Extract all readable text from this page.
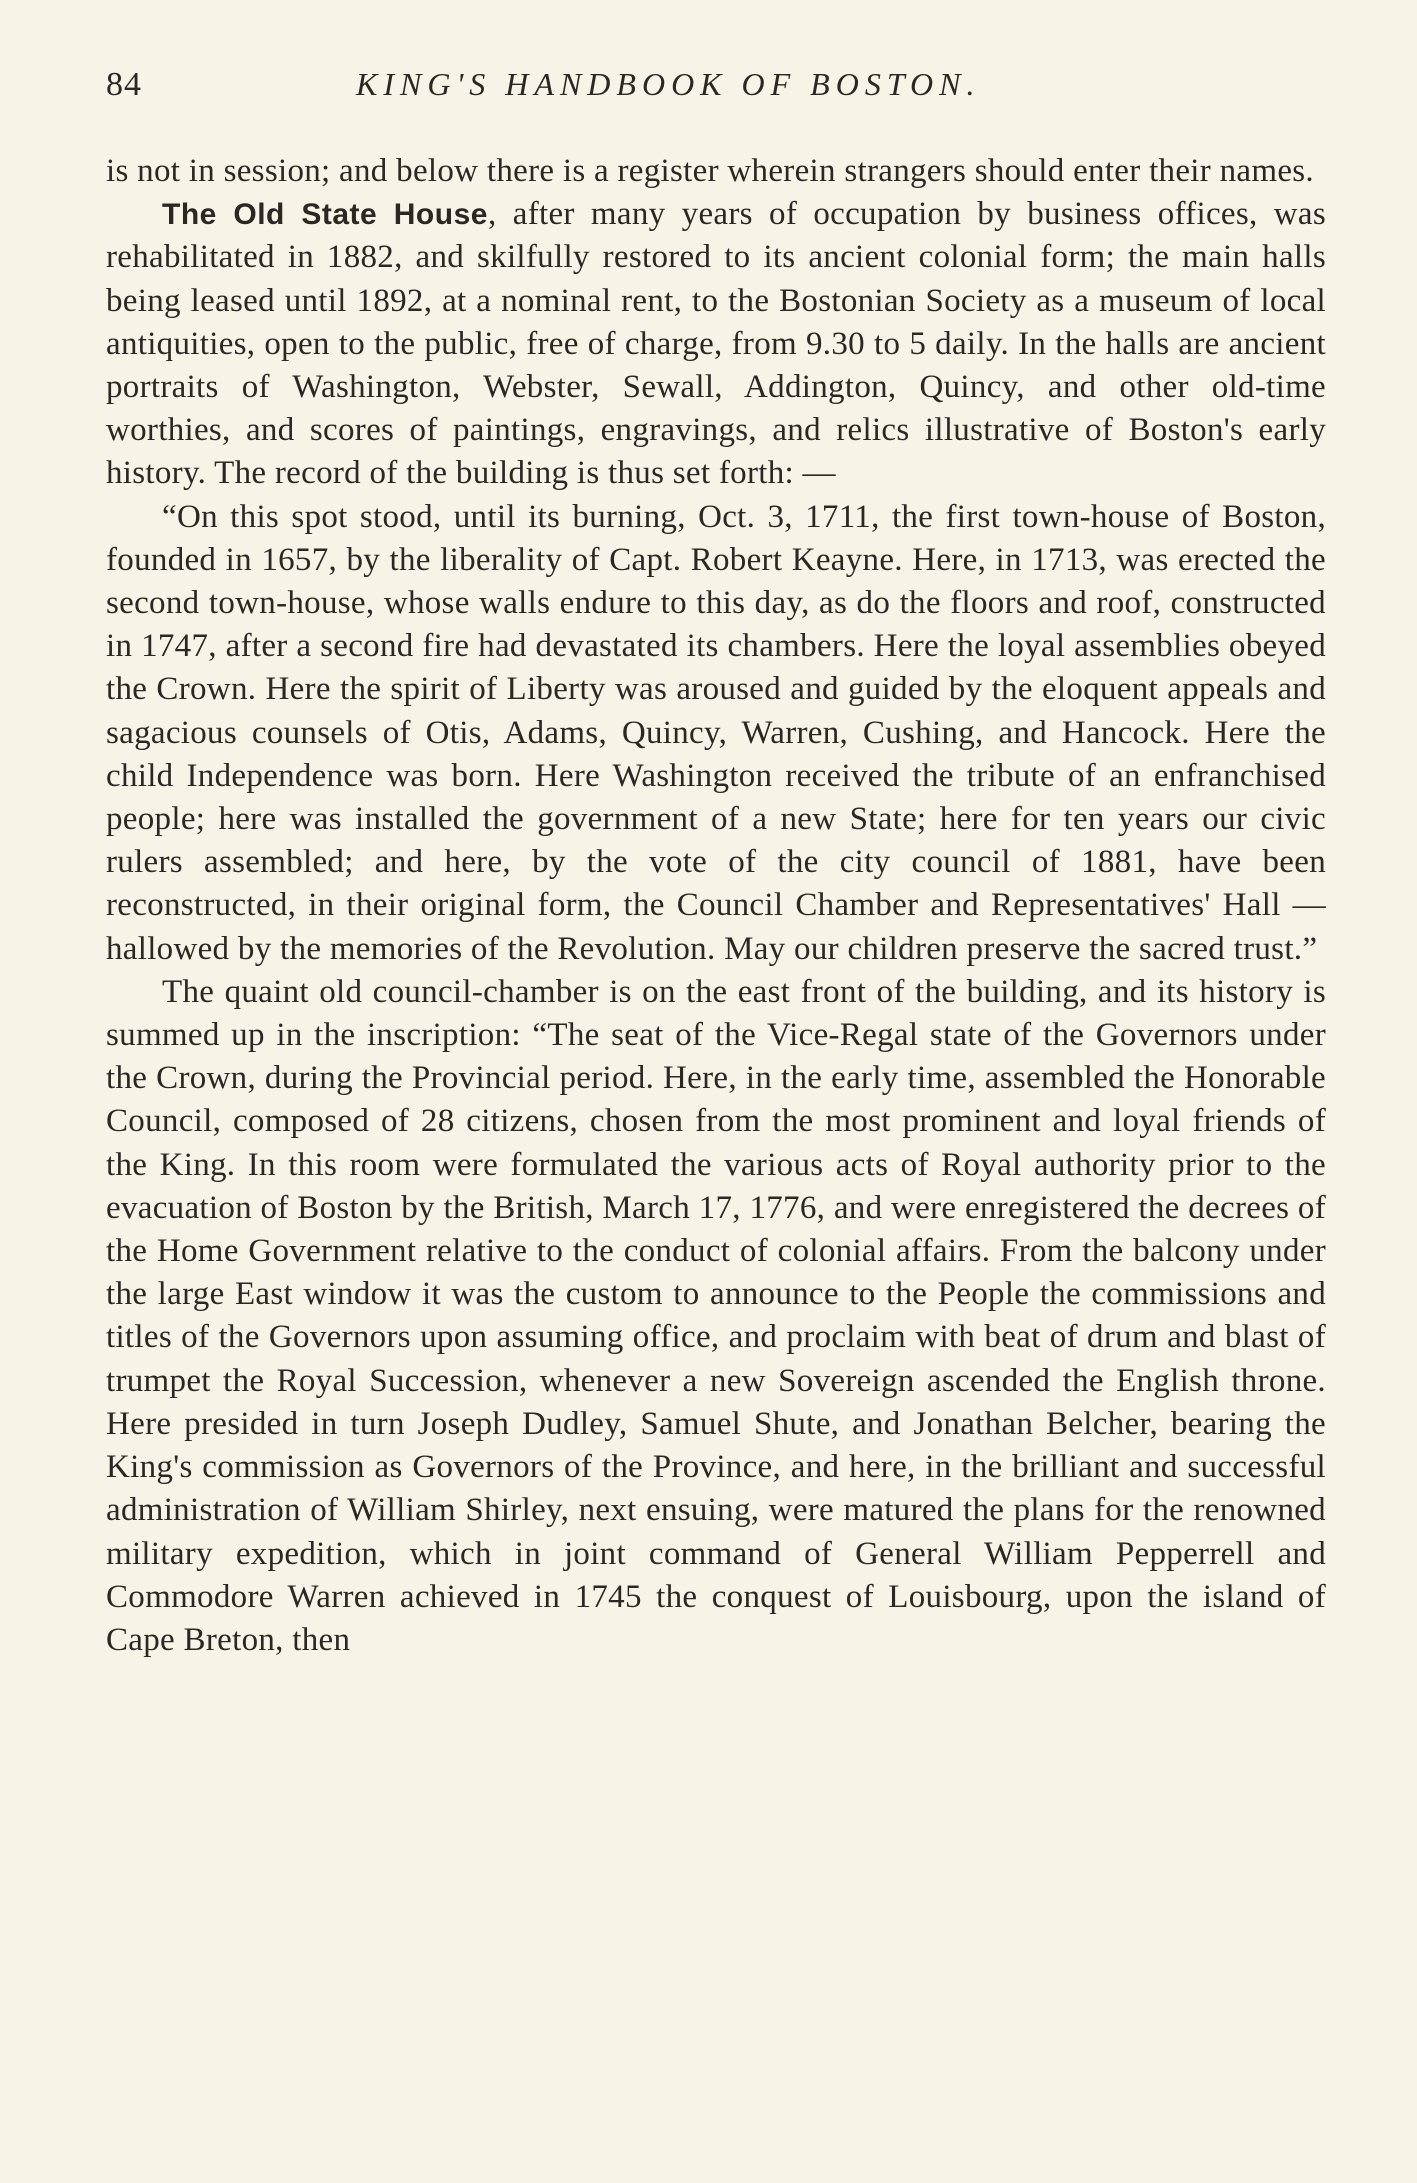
84	KING'S HANDBOOK OF BOSTON.

is not in session; and below there is a register wherein strangers should enter their names.

The Old State House, after many years of occupation by business offices, was rehabilitated in 1882, and skilfully restored to its ancient colonial form; the main halls being leased until 1892, at a nominal rent, to the Bostonian Society as a museum of local antiquities, open to the public, free of charge, from 9.30 to 5 daily. In the halls are ancient portraits of Washington, Webster, Sewall, Addington, Quincy, and other old-time worthies, and scores of paintings, engravings, and relics illustrative of Boston's early history. The record of the building is thus set forth: —

“On this spot stood, until its burning, Oct. 3, 1711, the first town-house of Boston, founded in 1657, by the liberality of Capt. Robert Keayne. Here, in 1713, was erected the second town-house, whose walls endure to this day, as do the floors and roof, constructed in 1747, after a second fire had devastated its chambers. Here the loyal assemblies obeyed the Crown. Here the spirit of Liberty was aroused and guided by the eloquent appeals and sagacious counsels of Otis, Adams, Quincy, Warren, Cushing, and Hancock. Here the child Independence was born. Here Washington received the tribute of an enfranchised people; here was installed the government of a new State; here for ten years our civic rulers assembled; and here, by the vote of the city council of 1881, have been reconstructed, in their original form, the Council Chamber and Representatives' Hall — hallowed by the memories of the Revolution. May our children preserve the sacred trust.”

The quaint old council-chamber is on the east front of the building, and its history is summed up in the inscription: “The seat of the Vice-Regal state of the Governors under the Crown, during the Provincial period. Here, in the early time, assembled the Honorable Council, composed of 28 citizens, chosen from the most prominent and loyal friends of the King. In this room were formulated the various acts of Royal authority prior to the evacuation of Boston by the British, March 17, 1776, and were enregistered the decrees of the Home Government relative to the conduct of colonial affairs. From the balcony under the large East window it was the custom to announce to the People the commissions and titles of the Governors upon assuming office, and proclaim with beat of drum and blast of trumpet the Royal Succession, whenever a new Sovereign ascended the English throne. Here presided in turn Joseph Dudley, Samuel Shute, and Jonathan Belcher, bearing the King's commission as Governors of the Province, and here, in the brilliant and successful administration of William Shirley, next ensuing, were matured the plans for the renowned military expedition, which in joint command of General William Pepperrell and Commodore Warren achieved in 1745 the conquest of Louisbourg, upon the island of Cape Breton, then
